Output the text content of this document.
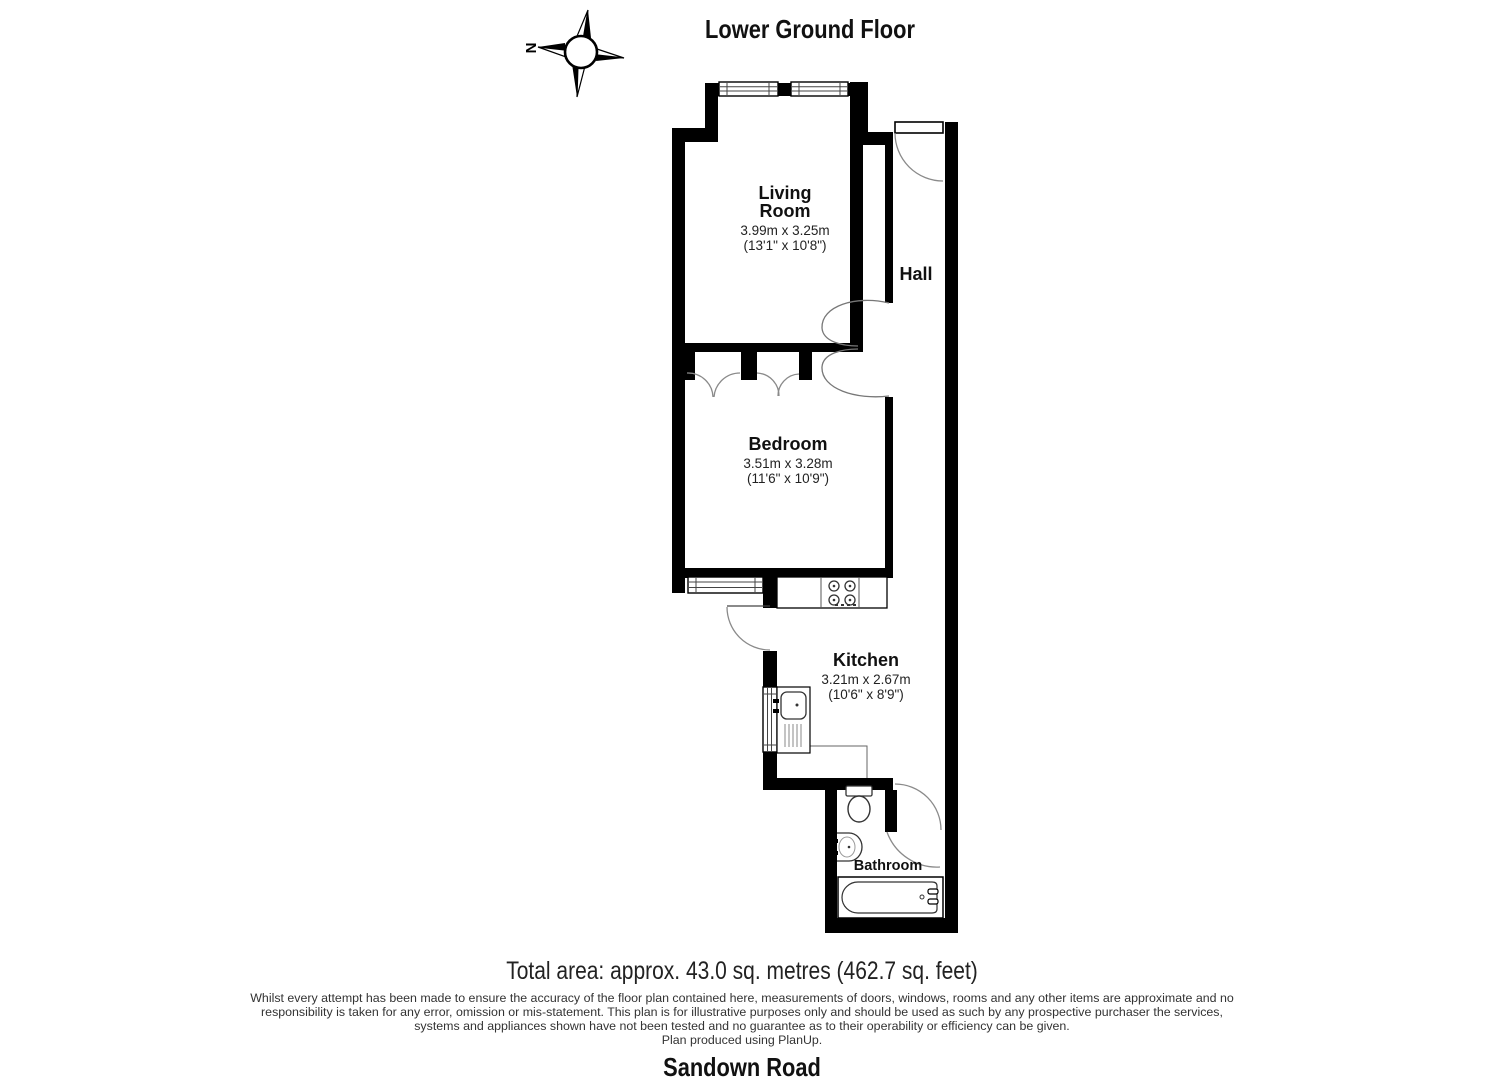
N
Lower Ground Floor
Living
Room
3.99m x 3.25m
(13'1" x 10'8")
Hall
Bedroom
3.51m x 3.28m
(11'6" x 10'9")
Kitchen
3.21m x 2.67m
(10'6" x 8'9")
Bathroom
Total area: approx. 43.0 sq. metres (462.7 sq. feet)
Whilst every attempt has been made to ensure the accuracy of the floor plan contained here, measurements of doors, windows, rooms and any other items are approximate and no
responsibility is taken for any error, omission or mis-statement. This plan is for illustrative purposes only and should be used as such by any prospective purchaser the services,
systems and appliances shown have not been tested and no guarantee as to their operability or efficiency can be given.
Plan produced using PlanUp.
Sandown Road
